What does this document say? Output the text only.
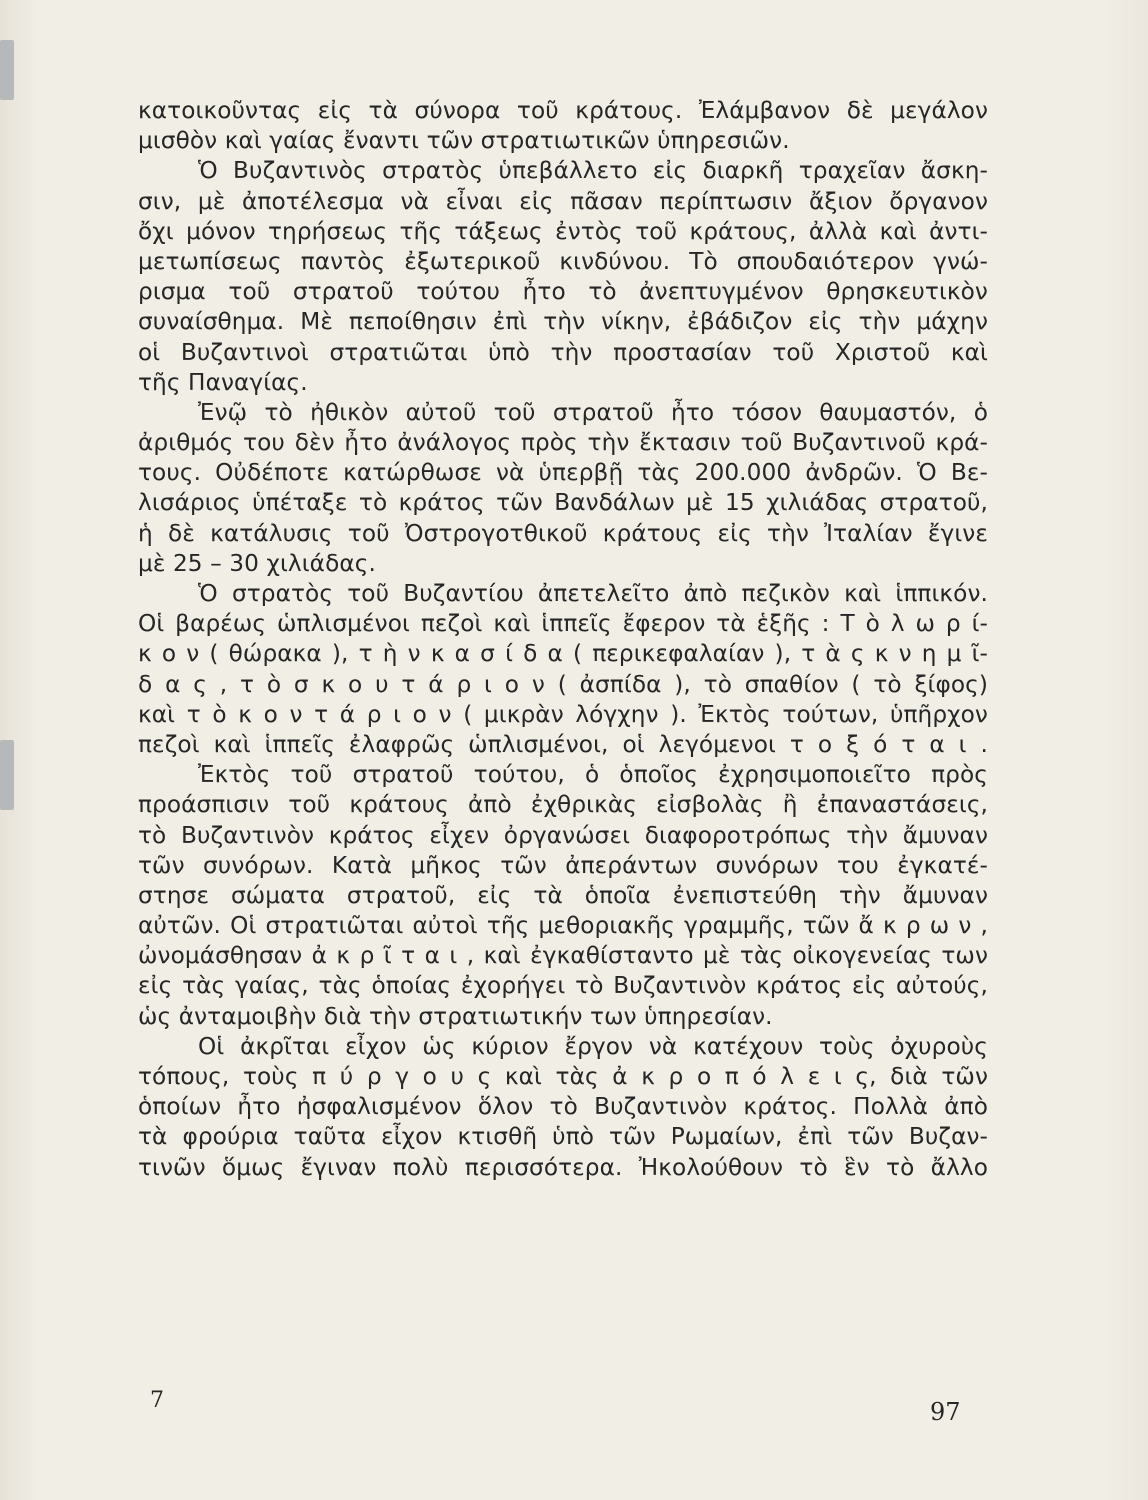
κατοικοῦντας εἰς τὰ σύνορα τοῦ κράτους. Ἐλάμβανον δὲ μεγάλον
μισθὸν καὶ γαίας ἔναντι τῶν στρατιωτικῶν ὑπηρεσιῶν.
Ὁ Βυζαντινὸς στρατὸς ὑπεβάλλετο εἰς διαρκῆ τραχεῖαν ἄσκη-
σιν, μὲ ἀποτέλεσμα νὰ εἶναι εἰς πᾶσαν περίπτωσιν ἄξιον ὄργανον
ὄχι μόνον τηρήσεως τῆς τάξεως ἐντὸς τοῦ κράτους, ἀλλὰ καὶ ἀντι-
μετωπίσεως παντὸς ἐξωτερικοῦ κινδύνου. Τὸ σπουδαιότερον γνώ-
ρισμα τοῦ στρατοῦ τούτου ἦτο τὸ ἀνεπτυγμένον θρησκευτικὸν
συναίσθημα. Μὲ πεποίθησιν ἐπὶ τὴν νίκην, ἐβάδιζον εἰς τὴν μάχην
οἱ Βυζαντινοὶ στρατιῶται ὑπὸ τὴν προστασίαν τοῦ Χριστοῦ καὶ
τῆς Παναγίας.
Ἐνῷ τὸ ἠθικὸν αὐτοῦ τοῦ στρατοῦ ἦτο τόσον θαυμαστόν, ὁ
ἀριθμός του δὲν ἦτο ἀνάλογος πρὸς τὴν ἔκτασιν τοῦ Βυζαντινοῦ κρά-
τους. Οὐδέποτε κατώρθωσε νὰ ὑπερβῇ τὰς 200.000 ἀνδρῶν. Ὁ Βε-
λισάριος ὑπέταξε τὸ κράτος τῶν Βανδάλων μὲ 15 χιλιάδας στρατοῦ,
ἡ δὲ κατάλυσις τοῦ Ὀστρογοτθικοῦ κράτους εἰς τὴν Ἰταλίαν ἔγινε
μὲ 25 – 30 χιλιάδας.
Ὁ στρατὸς τοῦ Βυζαντίου ἀπετελεῖτο ἀπὸ πεζικὸν καὶ ἱππικόν.
Οἱ βαρέως ὡπλισμένοι πεζοὶ καὶ ἱππεῖς ἔφερον τὰ ἑξῆς : Τ ὸ λ ω ρ ί-
κ ο ν ( θώρακα ), τ ὴ ν κ α σ ί δ α ( περικεφαλαίαν ), τ ὰ ς κ ν η μ ῖ-
δ α ς , τ ὸ σ κ ο υ τ ά ρ ι ο ν ( ἀσπίδα ), τὸ σπαθίον ( τὸ ξίφος)
καὶ τ ὸ κ ο ν τ ά ρ ι ο ν ( μικρὰν λόγχην ). Ἐκτὸς τούτων, ὑπῆρχον
πεζοὶ καὶ ἱππεῖς ἐλαφρῶς ὡπλισμένοι, οἱ λεγόμενοι τ ο ξ ό τ α ι .
Ἐκτὸς τοῦ στρατοῦ τούτου, ὁ ὁποῖος ἐχρησιμοποιεῖτο πρὸς
προάσπισιν τοῦ κράτους ἀπὸ ἐχθρικὰς εἰσβολὰς ἢ ἐπαναστάσεις,
τὸ Βυζαντινὸν κράτος εἶχεν ὀργανώσει διαφοροτρόπως τὴν ἄμυναν
τῶν συνόρων. Κατὰ μῆκος τῶν ἀπεράντων συνόρων του ἐγκατέ-
στησε σώματα στρατοῦ, εἰς τὰ ὁποῖα ἐνεπιστεύθη τὴν ἄμυναν
αὐτῶν. Οἱ στρατιῶται αὐτοὶ τῆς μεθοριακῆς γραμμῆς, τῶν ἄ κ ρ ω ν ,
ὠνομάσθησαν ἀ κ ρ ῖ τ α ι , καὶ ἐγκαθίσταντο μὲ τὰς οἰκογενείας των
εἰς τὰς γαίας, τὰς ὁποίας ἐχορήγει τὸ Βυζαντινὸν κράτος εἰς αὐτούς,
ὡς ἀνταμοιβὴν διὰ τὴν στρατιωτικήν των ὑπηρεσίαν.
Οἱ ἀκρῖται εἶχον ὡς κύριον ἔργον νὰ κατέχουν τοὺς ὀχυροὺς
τόπους, τοὺς π ύ ρ γ ο υ ς καὶ τὰς ἀ κ ρ ο π ό λ ε ι ς, διὰ τῶν
ὁποίων ἦτο ἠσφαλισμένον ὅλον τὸ Βυζαντινὸν κράτος. Πολλὰ ἀπὸ
τὰ φρούρια ταῦτα εἶχον κτισθῆ ὑπὸ τῶν Ρωμαίων, ἐπὶ τῶν Βυζαν-
τινῶν ὅμως ἔγιναν πολὺ περισσότερα. Ἠκολούθουν τὸ ἓν τὸ ἄλλο
7	97
